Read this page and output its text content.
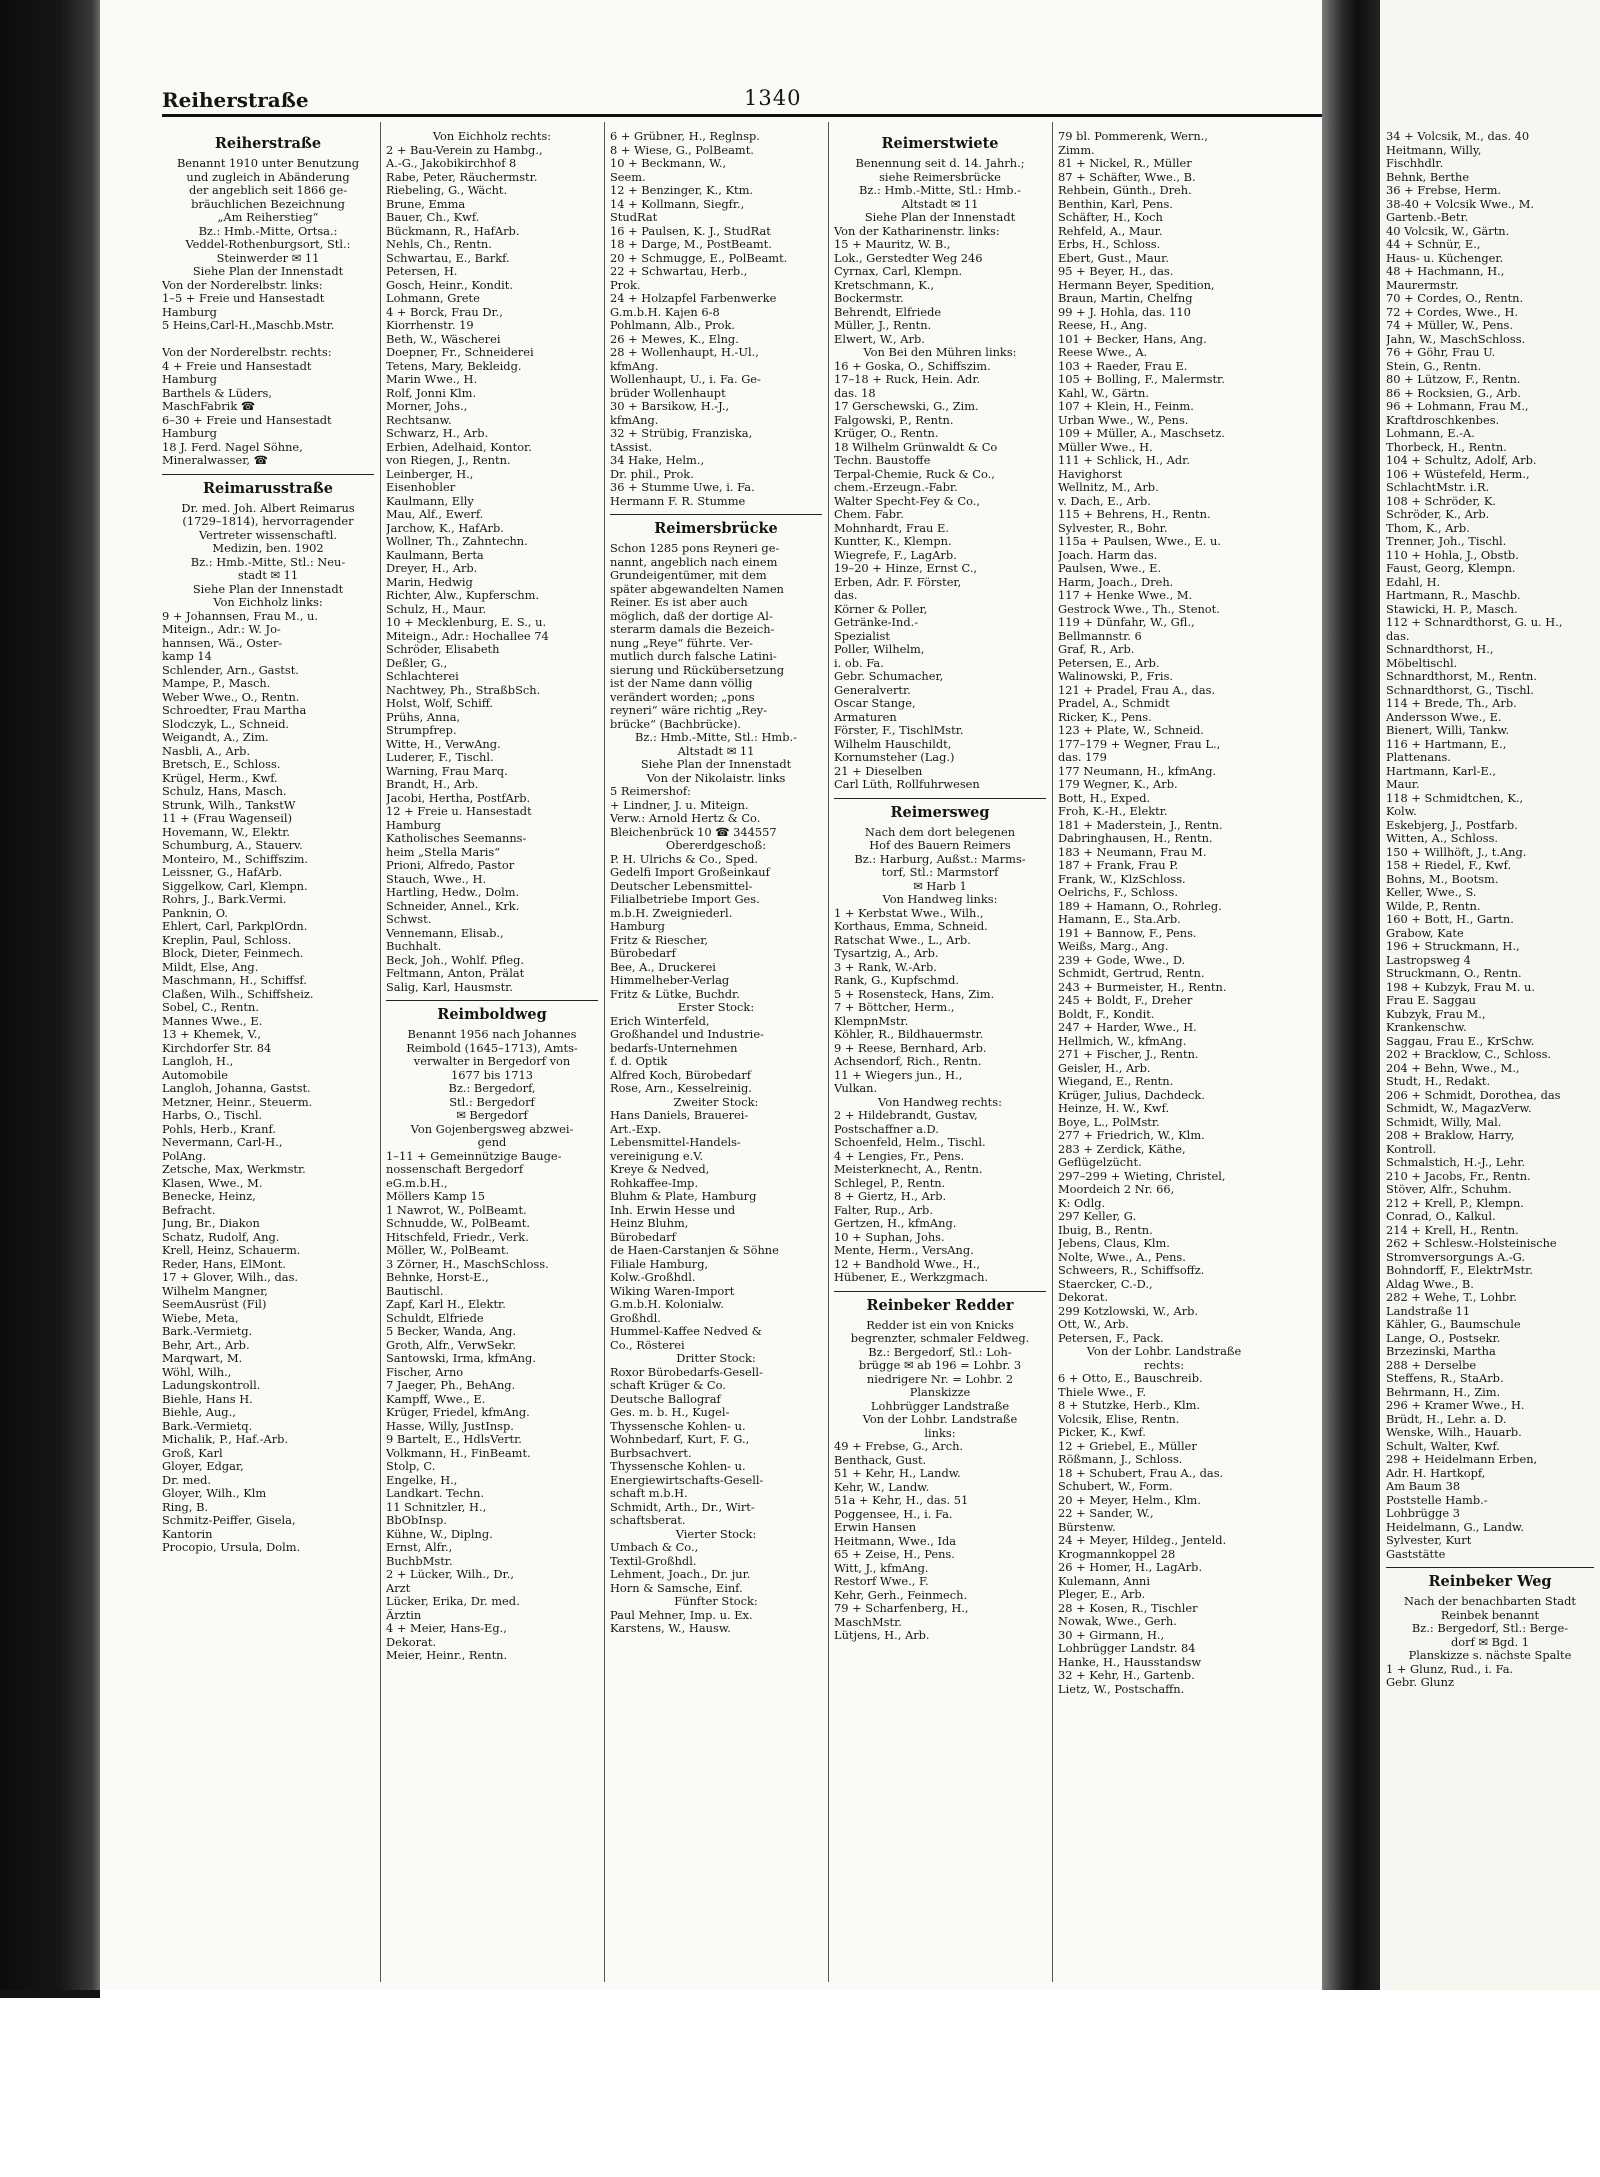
Reiherstraße	1340
Reiherstraße
Benannt 1910 unter Benutzung
und zugleich in Abänderung
der angeblich seit 1866 ge-
bräuchlichen Bezeichnung
„Am Reiherstieg“
Bz.: Hmb.-Mitte, Ortsa.:
Veddel-Rothenburgsort, Stl.:
Steinwerder ✉ 11
Siehe Plan der Innenstadt
Von der Norderelbstr. links:
1–5 + Freie und Hansestadt
Hamburg
5 Heins,Carl-H.,Maschb.Mstr.

Von der Norderelbstr. rechts:
4 + Freie und Hansestadt
Hamburg
Barthels & Lüders,
MaschFabrik ☎
6–30 + Freie und Hansestadt
Hamburg
18 J. Ferd. Nagel Söhne,
Mineralwasser, ☎
Reimarusstraße
Dr. med. Joh. Albert Reimarus
(1729–1814), hervorragender
Vertreter wissenschaftl.
Medizin, ben. 1902
Bz.: Hmb.-Mitte, Stl.: Neu-
stadt ✉ 11
Siehe Plan der Innenstadt
Von Eichholz links:
9 + Johannsen, Frau M., u.
Miteign., Adr.: W. Jo-
hannsen, Wä., Oster-
kamp 14
Schlender, Arn., Gastst.
Mampe, P., Masch.
Weber Wwe., O., Rentn.
Schroedter, Frau Martha
Slodczyk, L., Schneid.
Weigandt, A., Zim.
Nasbli, A., Arb.
Bretsch, E., Schloss.
Krügel, Herm., Kwf.
Schulz, Hans, Masch.
Strunk, Wilh., TankstW
11 + (Frau Wagenseil)
Hovemann, W., Elektr.
Schumburg, A., Stauerv.
Monteiro, M., Schiffszim.
Leissner, G., HafArb.
Siggelkow, Carl, Klempn.
Rohrs, J., Bark.Vermi.
Panknin, O.
Ehlert, Carl, ParkplOrdn.
Kreplin, Paul, Schloss.
Block, Dieter, Feinmech.
Mildt, Else, Ang.
Maschmann, H., Schiffsf.
Claßen, Wilh., Schiffsheiz.
Sobel, C., Rentn.
Mannes Wwe., E.
13 + Khemek, V.,
Kirchdorfer Str. 84
Langloh, H.,
Automobile
Langloh, Johanna, Gastst.
Metzner, Heinr., Steuerm.
Harbs, O., Tischl.
Pohls, Herb., Kranf.
Nevermann, Carl-H.,
PolAng.
Zetsche, Max, Werkmstr.
Klasen, Wwe., M.
Benecke, Heinz,
Befracht.
Jung, Br., Diakon
Schatz, Rudolf, Ang.
Krell, Heinz, Schauerm.
Reder, Hans, ElMont.
17 + Glover, Wilh., das.
Wilhelm Mangner,
SeemAusrüst (Fil)
Wiebe, Meta,
Bark.-Vermietg.
Behr, Art., Arb.
Marqwart, M.
Wöhl, Wilh.,
Ladungskontroll.
Biehle, Hans H.
Biehle, Aug.,
Bark.-Vermietq.
Michalik, P., Haf.-Arb.
Groß, Karl
Gloyer, Edgar,
Dr. med.
Gloyer, Wilh., Klm
Ring, B.
Schmitz-Peiffer, Gisela,
Kantorin
Procopio, Ursula, Dolm.
Von Eichholz rechts:
2 + Bau-Verein zu Hambg.,
A.-G., Jakobikirchhof 8
Rabe, Peter, Räuchermstr.
Riebeling, G., Wächt.
Brune, Emma
Bauer, Ch., Kwf.
Bückmann, R., HafArb.
Nehls, Ch., Rentn.
Schwartau, E., Barkf.
Petersen, H.
Gosch, Heinr., Kondit.
Lohmann, Grete
4 + Borck, Frau Dr.,
Kiorrhenstr. 19
Beth, W., Wäscherei
Doepner, Fr., Schneiderei
Tetens, Mary, Bekleidg.
Marin Wwe., H.
Rolf, Jonni Klm.
Morner, Johs.,
Rechtsanw.
Schwarz, H., Arb.
Erbien, Adelhaid, Kontor.
von Riegen, J., Rentn.
Leinberger, H.,
Eisenhobler
Kaulmann, Elly
Mau, Alf., Ewerf.
Jarchow, K., HafArb.
Wollner, Th., Zahntechn.
Kaulmann, Berta
Dreyer, H., Arb.
Marin, Hedwig
Richter, Alw., Kupferschm.
Schulz, H., Maur.
10 + Mecklenburg, E. S., u.
Miteign., Adr.: Hochallee 74
Schröder, Elisabeth
Deßler, G.,
Schlachterei
Nachtwey, Ph., StraßbSch.
Holst, Wolf, Schiff.
Prühs, Anna,
Strumpfrep.
Witte, H., VerwAng.
Luderer, F., Tischl.
Warning, Frau Marq.
Brandt, H., Arb.
Jacobi, Hertha, PostfArb.
12 + Freie u. Hansestadt
Hamburg
Katholisches Seemanns-
heim „Stella Maris“
Prioni, Alfredo, Pastor
Stauch, Wwe., H.
Hartling, Hedw., Dolm.
Schneider, Annel., Krk.
Schwst.
Vennemann, Elisab.,
Buchhalt.
Beck, Joh., Wohlf. Pfleg.
Feltmann, Anton, Prälat
Salig, Karl, Hausmstr.
Reimboldweg
Benannt 1956 nach Johannes
Reimbold (1645–1713), Amts-
verwalter in Bergedorf von
1677 bis 1713
Bz.: Bergedorf,
Stl.: Bergedorf
✉ Bergedorf
Von Gojenbergsweg abzwei-
gend
1–11 + Gemeinnützige Bauge-
nossenschaft Bergedorf
eG.m.b.H.,
Möllers Kamp 15
1 Nawrot, W., PolBeamt.
Schnudde, W., PolBeamt.
Hitschfeld, Friedr., Verk.
Möller, W., PolBeamt.
3 Zörner, H., MaschSchloss.
Behnke, Horst-E.,
Bautischl.
Zapf, Karl H., Elektr.
Schuldt, Elfriede
5 Becker, Wanda, Ang.
Groth, Alfr., VerwSekr.
Santowski, Irma, kfmAng.
Fischer, Arno
7 Jaeger, Ph., BehAng.
Kampff, Wwe., E.
Krüger, Friedel, kfmAng.
Hasse, Willy, JustInsp.
9 Bartelt, E., HdlsVertr.
Volkmann, H., FinBeamt.
Stolp, C.
Engelke, H.,
Landkart. Techn.
11 Schnitzler, H.,
BbObInsp.
Kühne, W., Diplng.
Ernst, Alfr.,
BuchbMstr.
2 + Lücker, Wilh., Dr.,
Arzt
Lücker, Erika, Dr. med.
Ärztin
4 + Meier, Hans-Eg.,
Dekorat.
Meier, Heinr., Rentn.
6 + Grübner, H., Reglnsp.
8 + Wiese, G., PolBeamt.
10 + Beckmann, W.,
Seem.
12 + Benzinger, K., Ktm.
14 + Kollmann, Siegfr.,
StudRat
16 + Paulsen, K. J., StudRat
18 + Darge, M., PostBeamt.
20 + Schmugge, E., PolBeamt.
22 + Schwartau, Herb.,
Prok.
24 + Holzapfel Farbenwerke
G.m.b.H. Kajen 6-8
Pohlmann, Alb., Prok.
26 + Mewes, K., Elng.
28 + Wollenhaupt, H.-Ul.,
kfmAng.
Wollenhaupt, U., i. Fa. Ge-
brüder Wollenhaupt
30 + Barsikow, H.-J.,
kfmAng.
32 + Strübig, Franziska,
tAssist.
34 Hake, Helm.,
Dr. phil., Prok.
36 + Stumme Uwe, i. Fa.
Hermann F. R. Stumme
Reimersbrücke
Schon 1285 pons Reyneri ge-
nannt, angeblich nach einem
Grundeigentümer, mit dem
später abgewandelten Namen
Reiner. Es ist aber auch
möglich, daß der dortige Al-
sterarm damals die Bezeich-
nung „Reye“ führte. Ver-
mutlich durch falsche Latini-
sierung und Rückübersetzung
ist der Name dann völlig
verändert worden; „pons
reyneri“ wäre richtig „Rey-
brücke“ (Bachbrücke).
Bz.: Hmb.-Mitte, Stl.: Hmb.-
Altstadt ✉ 11
Siehe Plan der Innenstadt
Von der Nikolaistr. links
5 Reimershof:
+ Lindner, J. u. Miteign.
Verw.: Arnold Hertz & Co.
Bleichenbrück 10 ☎ 344557
Obererdgeschoß:
P. H. Ulrichs & Co., Sped.
Gedelfi Import Großeinkauf
Deutscher Lebensmittel-
Filialbetriebe Import Ges.
m.b.H. Zweigniederl.
Hamburg
Fritz & Riescher,
Bürobedarf
Bee, A., Druckerei
Himmelheber-Verlag
Fritz & Lütke, Buchdr.
Erster Stock:
Erich Winterfeld,
Großhandel und Industrie-
bedarfs-Unternehmen
f. d. Optik
Alfred Koch, Bürobedarf
Rose, Arn., Kesselreinig.
Zweiter Stock:
Hans Daniels, Brauerei-
Art.-Exp.
Lebensmittel-Handels-
vereinigung e.V.
Kreye & Nedved,
Rohkaffee-Imp.
Bluhm & Plate, Hamburg
Inh. Erwin Hesse und
Heinz Bluhm,
Bürobedarf
de Haen-Carstanjen & Söhne
Filiale Hamburg,
Kolw.-Großhdl.
Wiking Waren-Import
G.m.b.H. Kolonialw.
Großhdl.
Hummel-Kaffee Nedved &
Co., Rösterei
Dritter Stock:
Roxor Bürobedarfs-Gesell-
schaft Krüger & Co.
Deutsche Ballograf
Ges. m. b. H., Kugel-
Thyssensche Kohlen- u.
Wohnbedarf, Kurt, F. G.,
Burbsachvert.
Thyssensche Kohlen- u.
Energiewirtschafts-Gesell-
schaft m.b.H.
Schmidt, Arth., Dr., Wirt-
schaftsberat.
Vierter Stock:
Umbach & Co.,
Textil-Großhdl.
Lehment, Joach., Dr. jur.
Horn & Samsche, Einf.
Fünfter Stock:
Paul Mehner, Imp. u. Ex.
Karstens, W., Hausw.
Reimerstwiete
Benennung seit d. 14. Jahrh.;
siehe Reimersbrücke
Bz.: Hmb.-Mitte, Stl.: Hmb.-
Altstadt ✉ 11
Siehe Plan der Innenstadt
Von der Katharinenstr. links:
15 + Mauritz, W. B.,
Lok., Gerstedter Weg 246
Cyrnax, Carl, Klempn.
Kretschmann, K.,
Bockermstr.
Behrendt, Elfriede
Müller, J., Rentn.
Elwert, W., Arb.
Von Bei den Mühren links:
16 + Goska, O., Schiffszim.
17–18 + Ruck, Hein. Adr.
das. 18
17 Gerschewski, G., Zim.
Falgowski, P., Rentn.
Krüger, O., Rentn.
18 Wilhelm Grünwaldt & Co
Techn. Baustoffe
Terpal-Chemie, Ruck & Co.,
chem.-Erzeugn.-Fabr.
Walter Specht-Fey & Co.,
Chem. Fabr.
Mohnhardt, Frau E.
Kuntter, K., Klempn.
Wiegrefe, F., LagArb.
19–20 + Hinze, Ernst C.,
Erben, Adr. F. Förster,
das.
Körner & Poller,
Getränke-Ind.-
Spezialist
Poller, Wilhelm,
i. ob. Fa.
Gebr. Schumacher,
Generalvertr.
Oscar Stange,
Armaturen
Förster, F., TischlMstr.
Wilhelm Hauschildt,
Kornumsteher (Lag.)
21 + Dieselben
Carl Lüth, Rollfuhrwesen
Reimersweg
Nach dem dort belegenen
Hof des Bauern Reimers
Bz.: Harburg, Außst.: Marms-
torf, Stl.: Marmstorf
✉ Harb 1
Von Handweg links:
1 + Kerbstat Wwe., Wilh.,
Korthaus, Emma, Schneid.
Ratschat Wwe., L., Arb.
Tysartzig, A., Arb.
3 + Rank, W.-Arb.
Rank, G., Kupfschmd.
5 + Rosensteck, Hans, Zim.
7 + Böttcher, Herm.,
KlempnMstr.
Köhler, R., Bildhauermstr.
9 + Reese, Bernhard, Arb.
Achsendorf, Rich., Rentn.
11 + Wiegers jun., H.,
Vulkan.
Von Handweg rechts:
2 + Hildebrandt, Gustav,
Postschaffner a.D.
Schoenfeld, Helm., Tischl.
4 + Lengies, Fr., Pens.
Meisterknecht, A., Rentn.
Schlegel, P., Rentn.
8 + Giertz, H., Arb.
Falter, Rup., Arb.
Gertzen, H., kfmAng.
10 + Suphan, Johs.
Mente, Herm., VersAng.
12 + Bandhold Wwe., H.,
Hübener, E., Werkzgmach.
Reinbeker Redder
Redder ist ein von Knicks
begrenzter, schmaler Feldweg.
Bz.: Bergedorf, Stl.: Loh-
brügge ✉ ab 196 = Lohbr. 3
niedrigere Nr. = Lohbr. 2
Planskizze
Lohbrügger Landstraße
Von der Lohbr. Landstraße
links:
49 + Frebse, G., Arch.
Benthack, Gust.
51 + Kehr, H., Landw.
Kehr, W., Landw.
51a + Kehr, H., das. 51
Poggensee, H., i. Fa.
Erwin Hansen
Heitmann, Wwe., Ida
65 + Zeise, H., Pens.
Witt, J., kfmAng.
Restorf Wwe., F.
Kehr, Gerh., Feinmech.
79 + Scharfenberg, H.,
MaschMstr.
Lütjens, H., Arb.
79 bl. Pommerenk, Wern.,
Zimm.
81 + Nickel, R., Müller
87 + Schäfter, Wwe., B.
Rehbein, Günth., Dreh.
Benthin, Karl, Pens.
Schäfter, H., Koch
Rehfeld, A., Maur.
Erbs, H., Schloss.
Ebert, Gust., Maur.
95 + Beyer, H., das.
Hermann Beyer, Spedition,
Braun, Martin, Chelfng
99 + J. Hohla, das. 110
Reese, H., Ang.
101 + Becker, Hans, Ang.
Reese Wwe., A.
103 + Raeder, Frau E.
105 + Bolling, F., Malermstr.
Kahl, W., Gärtn.
107 + Klein, H., Feinm.
Urban Wwe., W., Pens.
109 + Müller, A., Maschsetz.
Müller Wwe., H.
111 + Schlick, H., Adr.
Havighorst
Wellnitz, M., Arb.
v. Dach, E., Arb.
115 + Behrens, H., Rentn.
Sylvester, R., Bohr.
115a + Paulsen, Wwe., E. u.
Joach. Harm das.
Paulsen, Wwe., E.
Harm, Joach., Dreh.
117 + Henke Wwe., M.
Gestrock Wwe., Th., Stenot.
119 + Dünfahr, W., Gfl.,
Bellmannstr. 6
Graf, R., Arb.
Petersen, E., Arb.
Walinowski, P., Fris.
121 + Pradel, Frau A., das.
Pradel, A., Schmidt
Ricker, K., Pens.
123 + Plate, W., Schneid.
177–179 + Wegner, Frau L.,
das. 179
177 Neumann, H., kfmAng.
179 Wegner, K., Arb.
Bott, H., Exped.
Froh, K.-H., Elektr.
181 + Maderstein, J., Rentn.
Dabringhausen, H., Rentn.
183 + Neumann, Frau M.
187 + Frank, Frau P.
Frank, W., KlzSchloss.
Oelrichs, F., Schloss.
189 + Hamann, O., Rohrleg.
Hamann, E., Sta.Arb.
191 + Bannow, F., Pens.
Weißs, Marg., Ang.
239 + Gode, Wwe., D.
Schmidt, Gertrud, Rentn.
243 + Burmeister, H., Rentn.
245 + Boldt, F., Dreher
Boldt, F., Kondit.
247 + Harder, Wwe., H.
Hellmich, W., kfmAng.
271 + Fischer, J., Rentn.
Geisler, H., Arb.
Wiegand, E., Rentn.
Krüger, Julius, Dachdeck.
Heinze, H. W., Kwf.
Boye, L., PolMstr.
277 + Friedrich, W., Klm.
283 + Zerdick, Käthe,
Geflügelzücht.
297–299 + Wieting, Christel,
Moordeich 2 Nr. 66,
K: Odlg.
297 Keller, G.
Ibuig, B., Rentn.
Jebens, Claus, Klm.
Nolte, Wwe., A., Pens.
Schweers, R., Schiffsoffz.
Staercker, C.-D.,
Dekorat.
299 Kotzlowski, W., Arb.
Ott, W., Arb.
Petersen, F., Pack.
Von der Lohbr. Landstraße
rechts:
6 + Otto, E., Bauschreib.
Thiele Wwe., F.
8 + Stutzke, Herb., Klm.
Volcsik, Elise, Rentn.
Picker, K., Kwf.
12 + Griebel, E., Müller
Rößmann, J., Schloss.
18 + Schubert, Frau A., das.
Schubert, W., Form.
20 + Meyer, Helm., Klm.
22 + Sander, W.,
Bürstenw.
24 + Meyer, Hildeg., Jenteld.
Krogmannkoppel 28
26 + Homer, H., LagArb.
Kulemann, Anni
Pleger, E., Arb.
28 + Kosen, R., Tischler
Nowak, Wwe., Gerh.
30 + Girmann, H.,
Lohbrügger Landstr. 84
Hanke, H., Hausstandsw
32 + Kehr, H., Gartenb.
Lietz, W., Postschaffn.
34 + Volcsik, M., das. 40
Heitmann, Willy,
Fischhdlr.
Behnk, Berthe
36 + Frebse, Herm.
38-40 + Volcsik Wwe., M.
Gartenb.-Betr.
40 Volcsik, W., Gärtn.
44 + Schnür, E.,
Haus- u. Küchenger.
48 + Hachmann, H.,
Maurermstr.
70 + Cordes, O., Rentn.
72 + Cordes, Wwe., H.
74 + Müller, W., Pens.
Jahn, W., MaschSchloss.
76 + Göhr, Frau U.
Stein, G., Rentn.
80 + Lützow, F., Rentn.
86 + Rocksien, G., Arb.
96 + Lohmann, Frau M.,
Kraftdroschkenbes.
Lohmann, E.-A.
Thorbeck, H., Rentn.
104 + Schultz, Adolf, Arb.
106 + Wüstefeld, Herm.,
SchlachtMstr. i.R.
108 + Schröder, K.
Schröder, K., Arb.
Thom, K., Arb.
Trenner, Joh., Tischl.
110 + Hohla, J., Obstb.
Faust, Georg, Klempn.
Edahl, H.
Hartmann, R., Maschb.
Stawicki, H. P., Masch.
112 + Schnardthorst, G. u. H.,
das.
Schnardthorst, H.,
Möbeltischl.
Schnardthorst, M., Rentn.
Schnardthorst, G., Tischl.
114 + Brede, Th., Arb.
Andersson Wwe., E.
Bienert, Willi, Tankw.
116 + Hartmann, E.,
Plattenans.
Hartmann, Karl-E.,
Maur.
118 + Schmidtchen, K.,
Kolw.
Eskebjerg, J., Postfarb.
Witten, A., Schloss.
150 + Willhöft, J., t.Ang.
158 + Riedel, F., Kwf.
Bohns, M., Bootsm.
Keller, Wwe., S.
Wilde, P., Rentn.
160 + Bott, H., Gartn.
Grabow, Kate
196 + Struckmann, H.,
Lastropsweg 4
Struckmann, O., Rentn.
198 + Kubzyk, Frau M. u.
Frau E. Saggau
Kubzyk, Frau M.,
Krankenschw.
Saggau, Frau E., KrSchw.
202 + Bracklow, C., Schloss.
204 + Behn, Wwe., M.,
Studt, H., Redakt.
206 + Schmidt, Dorothea, das
Schmidt, W., MagazVerw.
Schmidt, Willy, Mal.
208 + Braklow, Harry,
Kontroll.
Schmalstich, H.-J., Lehr.
210 + Jacobs, Fr., Rentn.
Stöver, Alfr., Schuhm.
212 + Krell, P., Klempn.
Conrad, O., Kalkul.
214 + Krell, H., Rentn.
262 + Schlesw.-Holsteinische
Stromversorgungs A.-G.
Bohndorff, F., ElektrMstr.
Aldag Wwe., B.
282 + Wehe, T., Lohbr.
Landstraße 11
Kähler, G., Baumschule
Lange, O., Postsekr.
Brzezinski, Martha
288 + Derselbe
Steffens, R., StaArb.
Behrmann, H., Zim.
296 + Kramer Wwe., H.
Brüdt, H., Lehr. a. D.
Wenske, Wilh., Hauarb.
Schult, Walter, Kwf.
298 + Heidelmann Erben,
Adr. H. Hartkopf,
Am Baum 38
Poststelle Hamb.-
Lohbrügge 3
Heidelmann, G., Landw.
Sylvester, Kurt
Gaststätte
Reinbeker Weg
Nach der benachbarten Stadt
Reinbek benannt
Bz.: Bergedorf, Stl.: Berge-
dorf ✉ Bgd. 1
Planskizze s. nächste Spalte
1 + Glunz, Rud., i. Fa.
Gebr. Glunz
